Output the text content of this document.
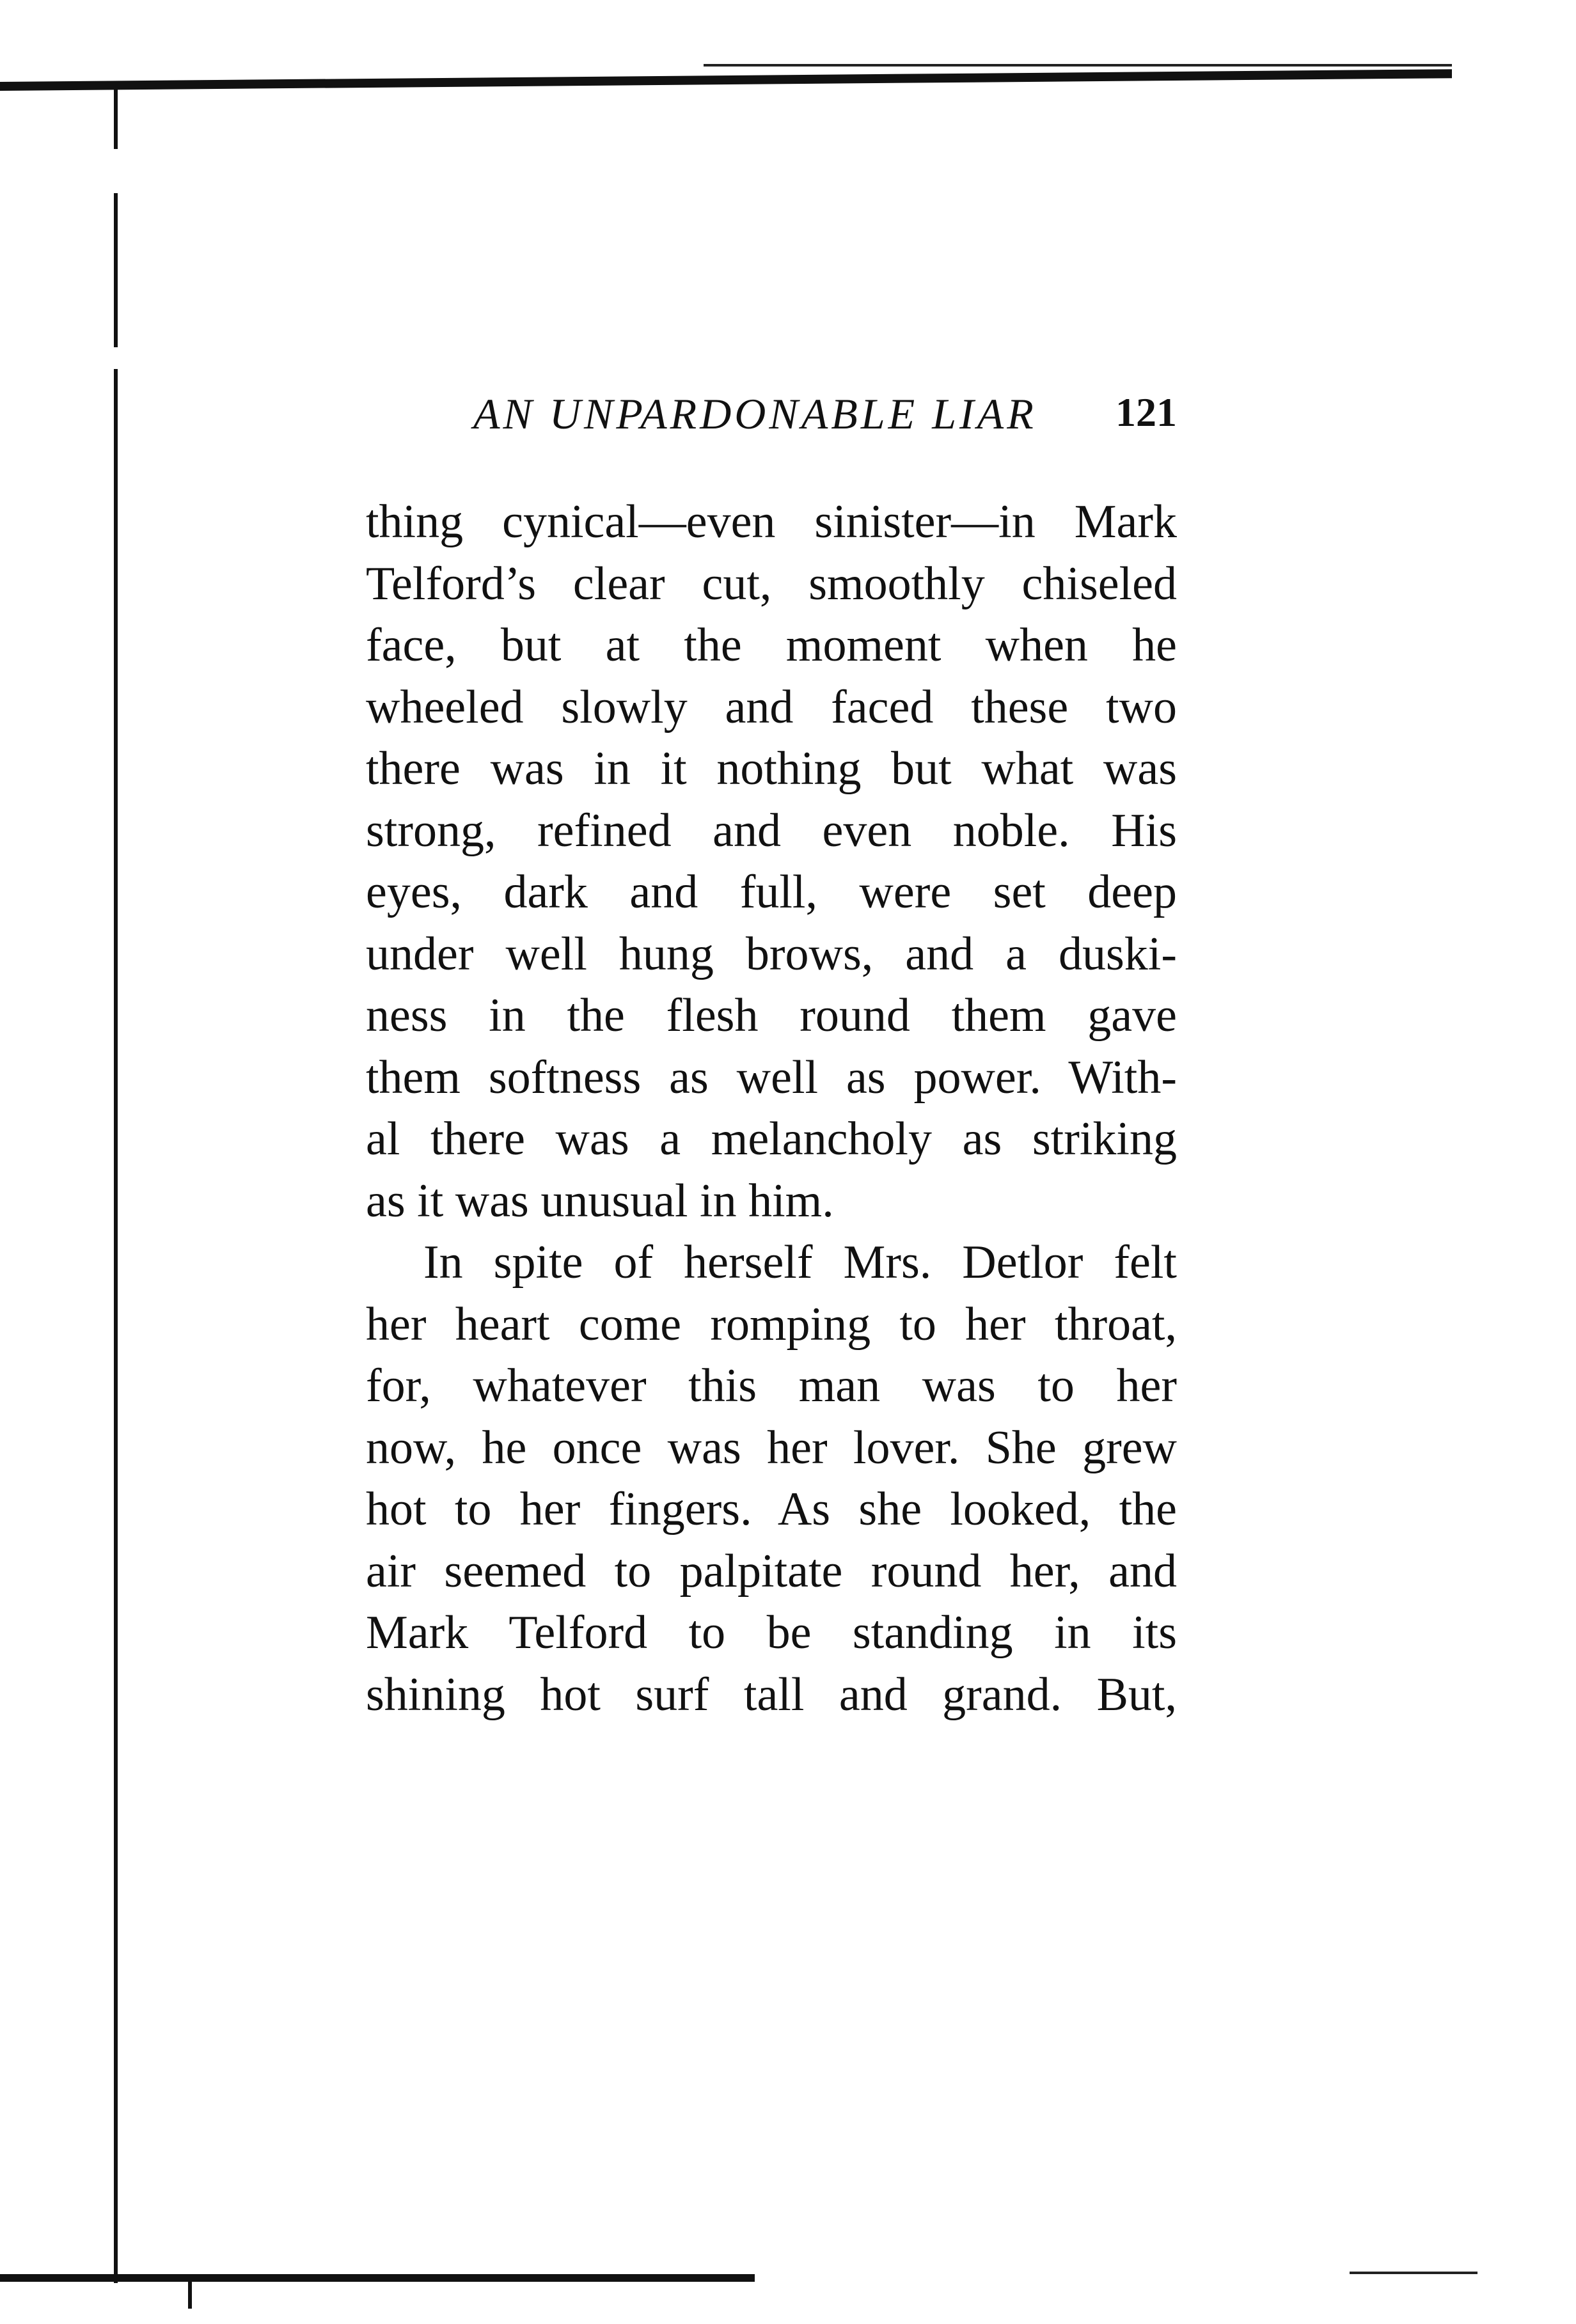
AN UNPARDONABLE LIAR 121
thing cynical—even sinister—in Mark
Telford’s clear cut, smoothly chiseled
face, but at the moment when he
wheeled slowly and faced these two
there was in it nothing but what was
strong, refined and even noble. His
eyes, dark and full, were set deep
under well hung brows, and a duski-
ness in the flesh round them gave
them softness as well as power. With-
al there was a melancholy as striking
as it was unusual in him.
In spite of herself Mrs. Detlor felt
her heart come romping to her throat,
for, whatever this man was to her
now, he once was her lover. She grew
hot to her fingers. As she looked, the
air seemed to palpitate round her, and
Mark Telford to be standing in its
shining hot surf tall and grand. But,
